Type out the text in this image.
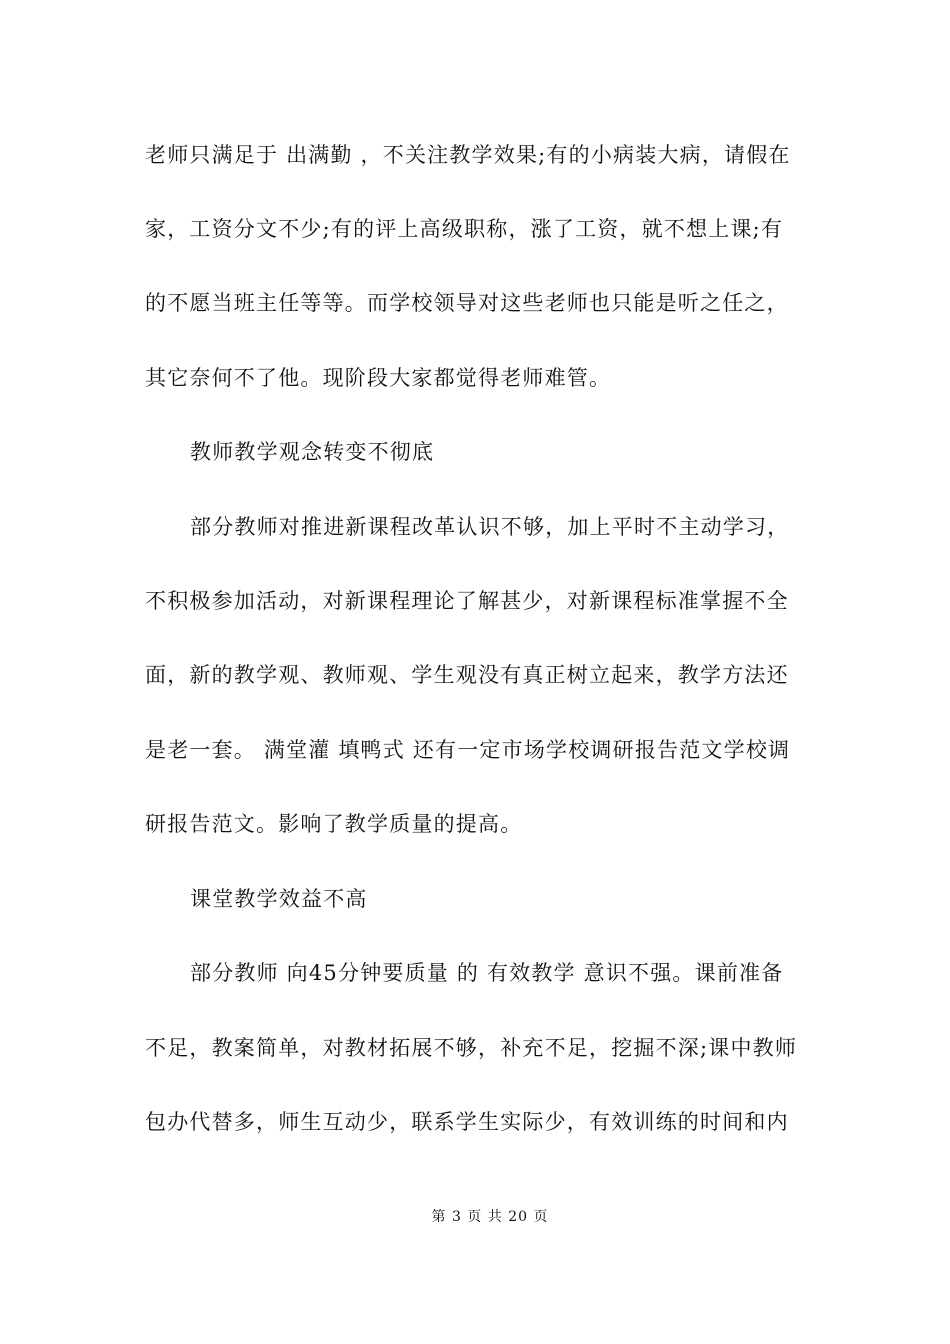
老师只满足于 出满勤 ，不关注教学效果;有的小病装大病，请假在
家，工资分文不少;有的评上高级职称，涨了工资，就不想上课;有
的不愿当班主任等等。而学校领导对这些老师也只能是听之任之，
其它奈何不了他。现阶段大家都觉得老师难管。
教师教学观念转变不彻底
部分教师对推进新课程改革认识不够，加上平时不主动学习，
不积极参加活动，对新课程理论了解甚少，对新课程标准掌握不全
面，新的教学观、教师观、学生观没有真正树立起来，教学方法还
是老一套。 满堂灌 填鸭式 还有一定市场学校调研报告范文学校调
研报告范文。影响了教学质量的提高。
课堂教学效益不高
部分教师 向45分钟要质量 的 有效教学 意识不强。课前准备
不足，教案简单，对教材拓展不够，补充不足，挖掘不深;课中教师
包办代替多，师生互动少，联系学生实际少，有效训练的时间和内
第 3 页 共 20 页
